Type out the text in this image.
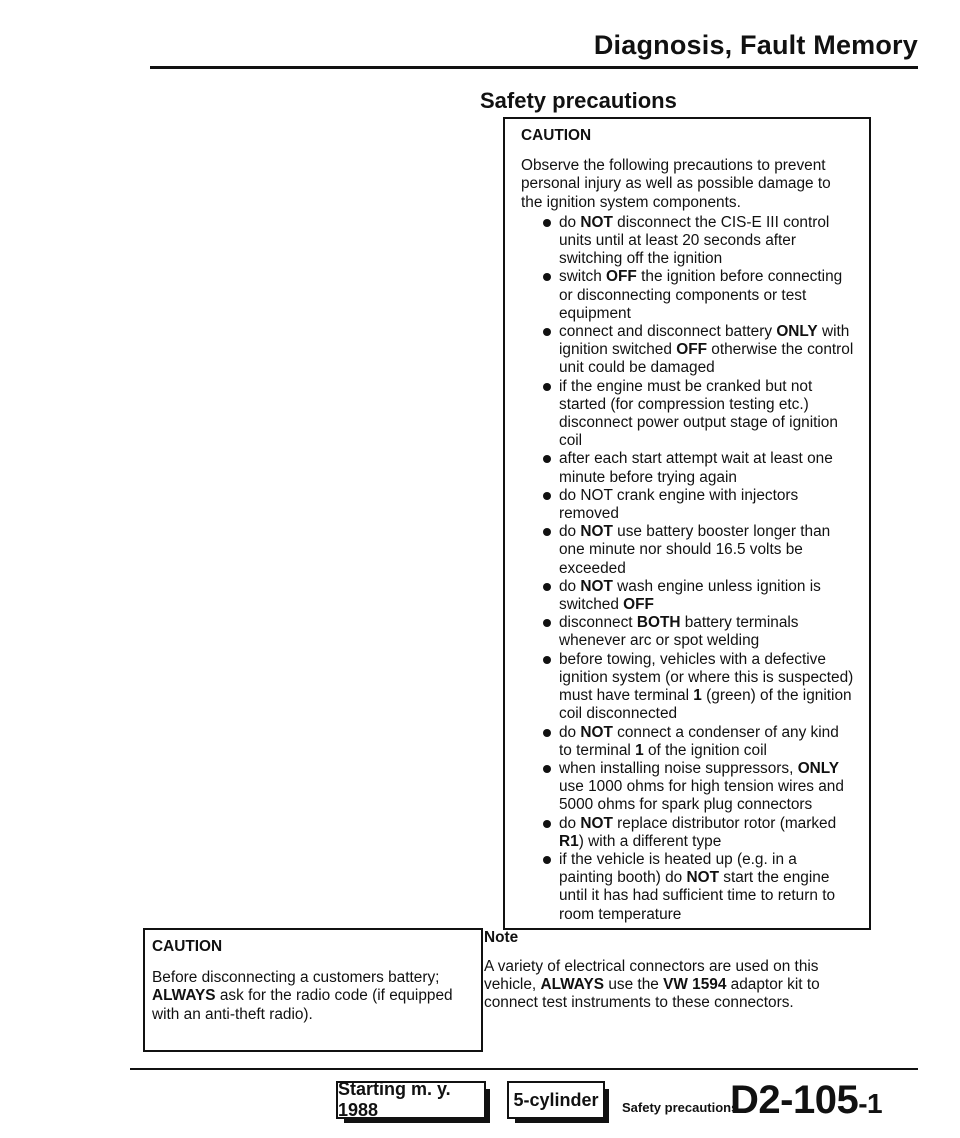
Diagnosis, Fault Memory
Safety precautions
CAUTION
Observe the following precautions to prevent personal injury as well as possible damage to the ignition system components.
do NOT disconnect the CIS-E III control units until at least 20 seconds after switching off the ignition
switch OFF the ignition before connecting or disconnecting components or test equipment
connect and disconnect battery ONLY with ignition switched OFF otherwise the control unit could be damaged
if the engine must be cranked but not started (for compression testing etc.) disconnect power output stage of ignition coil
after each start attempt wait at least one minute before trying again
do NOT crank engine with injectors removed
do NOT use battery booster longer than one minute nor should 16.5 volts be exceeded
do NOT wash engine unless ignition is switched OFF
disconnect BOTH battery terminals whenever arc or spot welding
before towing, vehicles with a defective ignition system (or where this is suspected) must have terminal 1 (green) of the ignition coil disconnected
do NOT connect a condenser of any kind to terminal 1 of the ignition coil
when installing noise suppressors, ONLY use 1000 ohms for high tension wires and 5000 ohms for spark plug connectors
do NOT replace distributor rotor (marked R1) with a different type
if the vehicle is heated up (e.g. in a painting booth) do NOT start the engine until it has had sufficient time to return to room temperature
Note
A variety of electrical connectors are used on this vehicle, ALWAYS use the VW 1594 adaptor kit to connect test instruments to these connectors.
CAUTION
Before disconnecting a customers battery; ALWAYS ask for the radio code (if equipped with an anti-theft radio).
Starting m. y. 1988
5-cylinder	Safety precautions
D2-105-1
